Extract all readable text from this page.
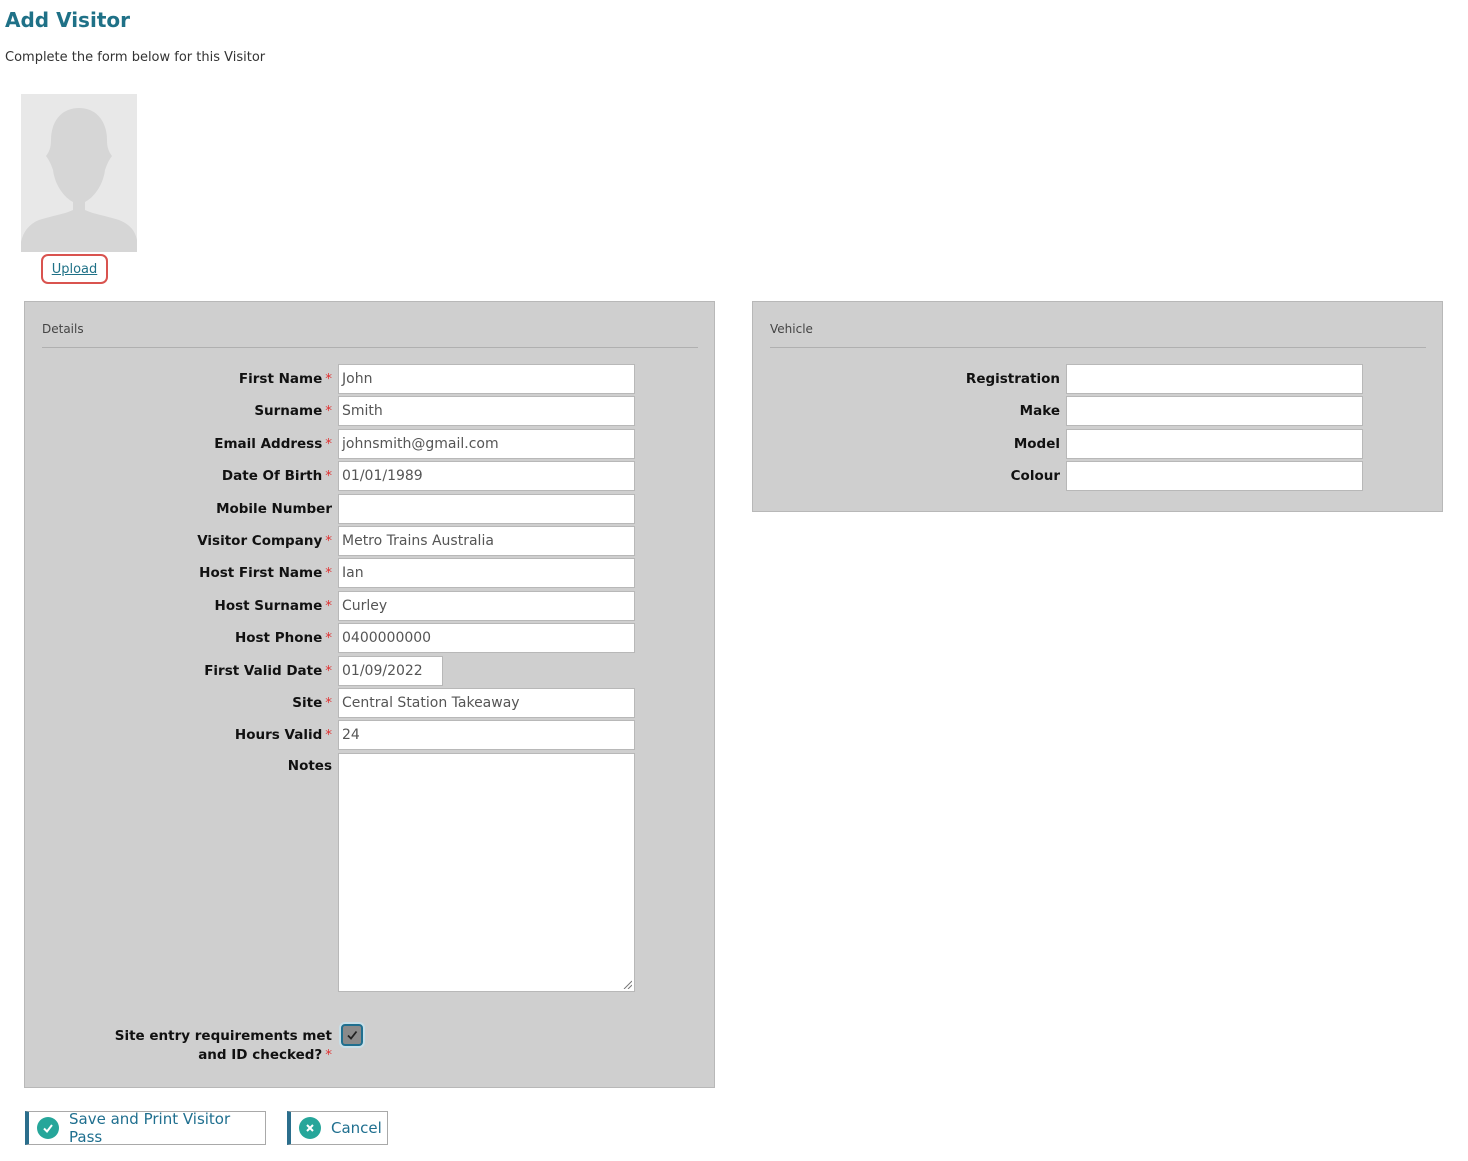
Add Visitor
Complete the form below for this Visitor
Upload
Details
First Name * John
Surname * Smith
Email Address * johnsmith@gmail.com
Date Of Birth * 01/01/1989
Mobile Number
Visitor Company * Metro Trains Australia
Host First Name * Ian
Host Surname * Curley
Host Phone * 0400000000
First Valid Date * 01/09/2022
Site * Central Station Takeaway
Hours Valid * 24
Notes
Site entry requirements met
and ID checked? *
Vehicle
Registration
Make
Model
Colour
Save and Print Visitor Pass	Cancel
